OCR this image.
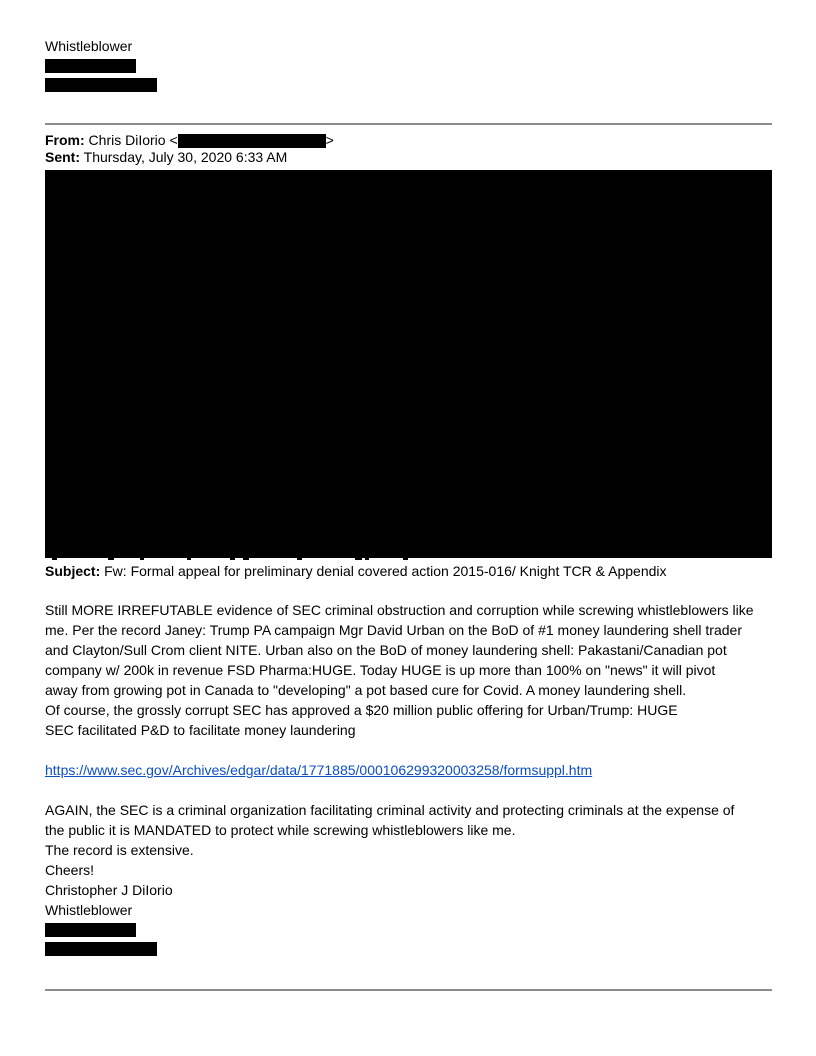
Whistleblower
From: Chris DiIorio <	>
Sent: Thursday, July 30, 2020 6:33 AM
Subject: Fw: Formal appeal for preliminary denial covered action 2015-016/ Knight TCR & Appendix
Still MORE IRREFUTABLE evidence of SEC criminal obstruction and corruption while screwing whistleblowers like
me. Per the record Janey: Trump PA campaign Mgr David Urban on the BoD of #1 money laundering shell trader
and Clayton/Sull Crom client NITE. Urban also on the BoD of money laundering shell: Pakastani/Canadian pot
company w/ 200k in revenue FSD Pharma:HUGE. Today HUGE is up more than 100% on "news" it will pivot
away from growing pot in Canada to "developing" a pot based cure for Covid. A money laundering shell.
Of course, the grossly corrupt SEC has approved a $20 million public offering for Urban/Trump: HUGE
SEC facilitated P&D to facilitate money laundering
https://www.sec.gov/Archives/edgar/data/1771885/000106299320003258/formsuppl.htm
AGAIN, the SEC is a criminal organization facilitating criminal activity and protecting criminals at the expense of
the public it is MANDATED to protect while screwing whistleblowers like me.
The record is extensive.
Cheers!
Christopher J DiIorio
Whistleblower
